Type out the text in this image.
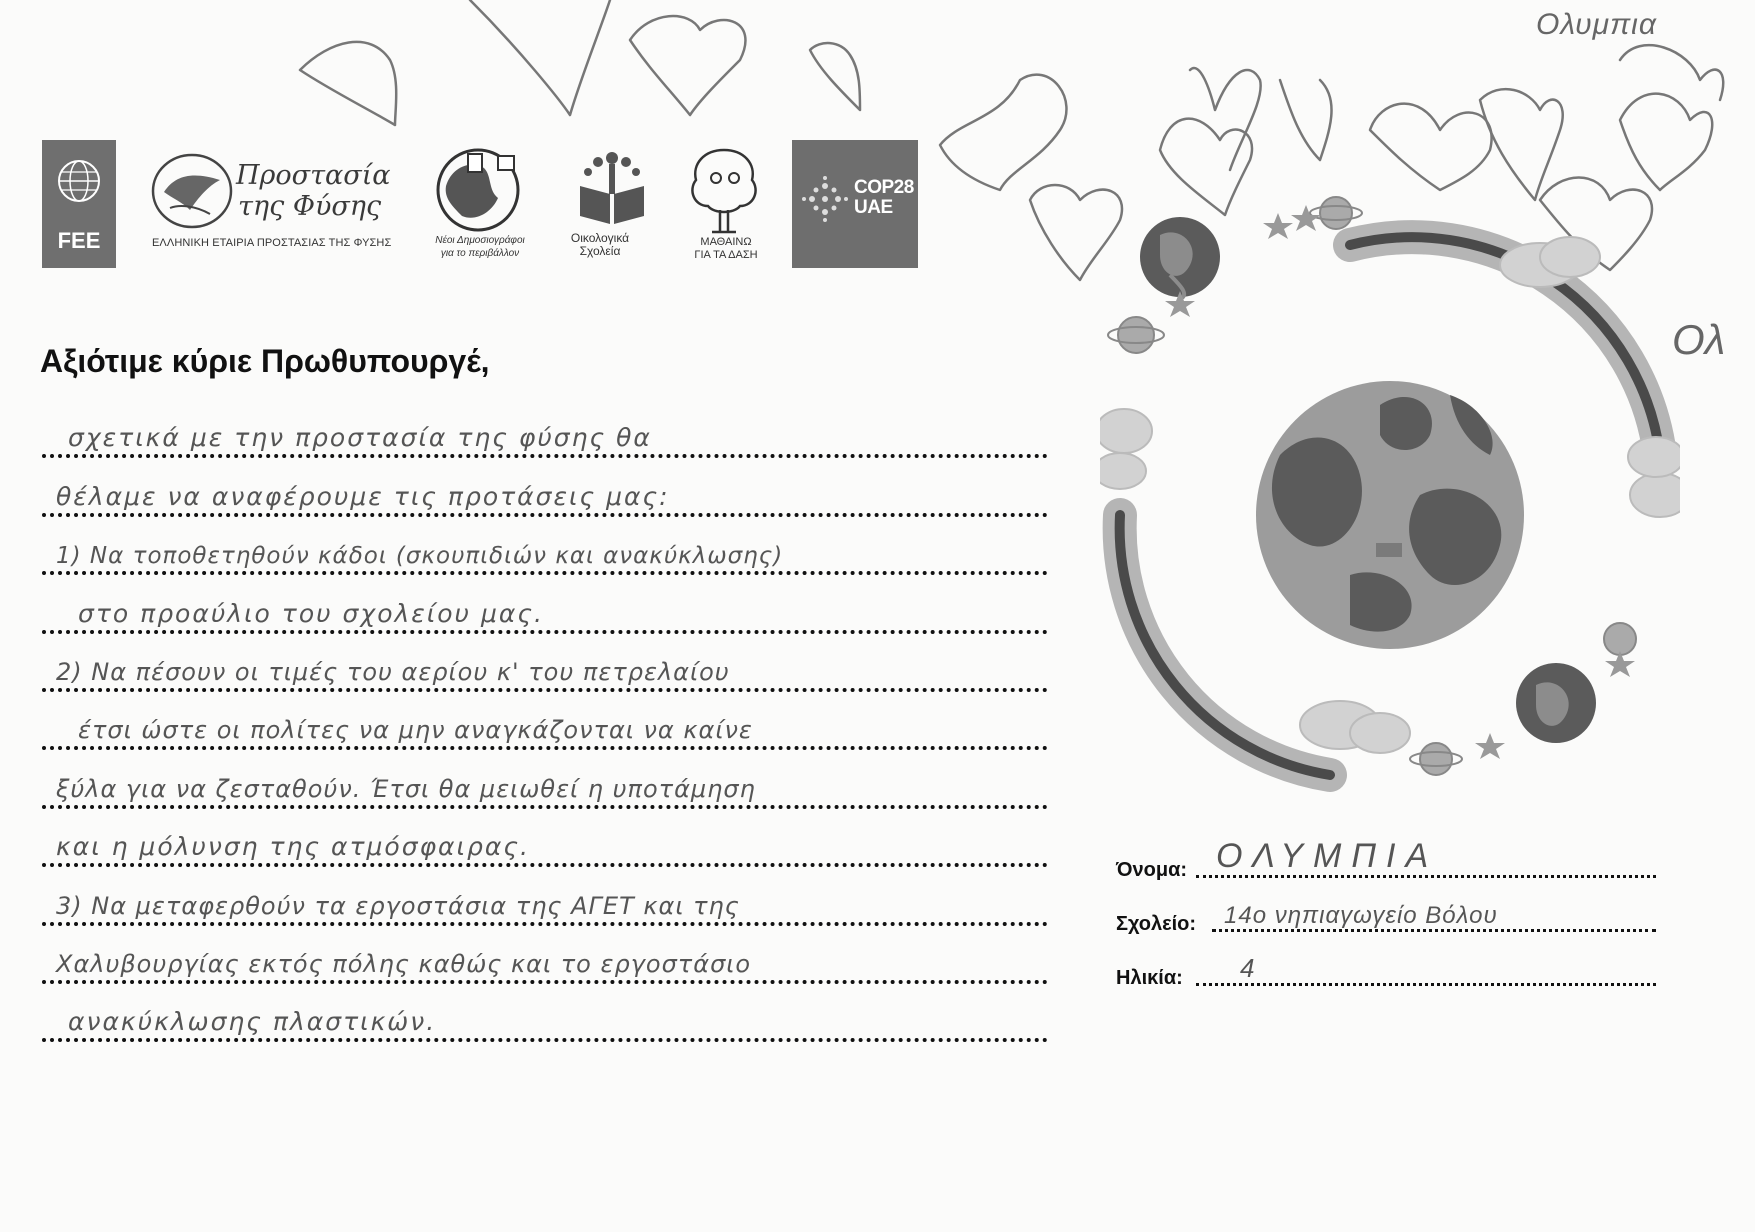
Ολυμπια
FEE
Προστασία
της Φύσης
ΕΛΛΗΝΙΚΗ ΕΤΑΙΡΙΑ ΠΡΟΣΤΑΣΙΑΣ ΤΗΣ ΦΥΣΗΣ	Νέοι Δημοσιογράφοι
για το περιβάλλον
Οικολογικά
Σχολεία
ΜΑΘΑΙΝΩ
ΓΙΑ ΤΑ ΔΑΣΗ
COP28
UAE
Αξιότιμε κύριε Πρωθυπουργέ,
σχετικά με την προστασία της φύσης θα
θέλαμε να αναφέρουμε τις προτάσεις μας:
1) Να τοποθετηθούν κάδοι (σκουπιδιών και ανακύκλωσης)
στο προαύλιο του σχολείου μας.
2) Να πέσουν οι τιμές του αερίου κ' του πετρελαίου
έτσι ώστε οι πολίτες να μην αναγκάζονται να καίνε
ξύλα για να ζεσταθούν. Έτσι θα μειωθεί η υποτάμηση
και η μόλυνση της ατμόσφαιρας.
3) Να μεταφερθούν τα εργοστάσια της ΑΓΕΤ και της
Χαλυβουργίας εκτός πόλης καθώς και το εργοστάσιο
ανακύκλωσης πλαστικών.
Ολ
Όνομα: ΟΛΥΜΠΙΑ
Σχολείο: 14ο νηπιαγωγείο Βόλου
Ηλικία: 4
